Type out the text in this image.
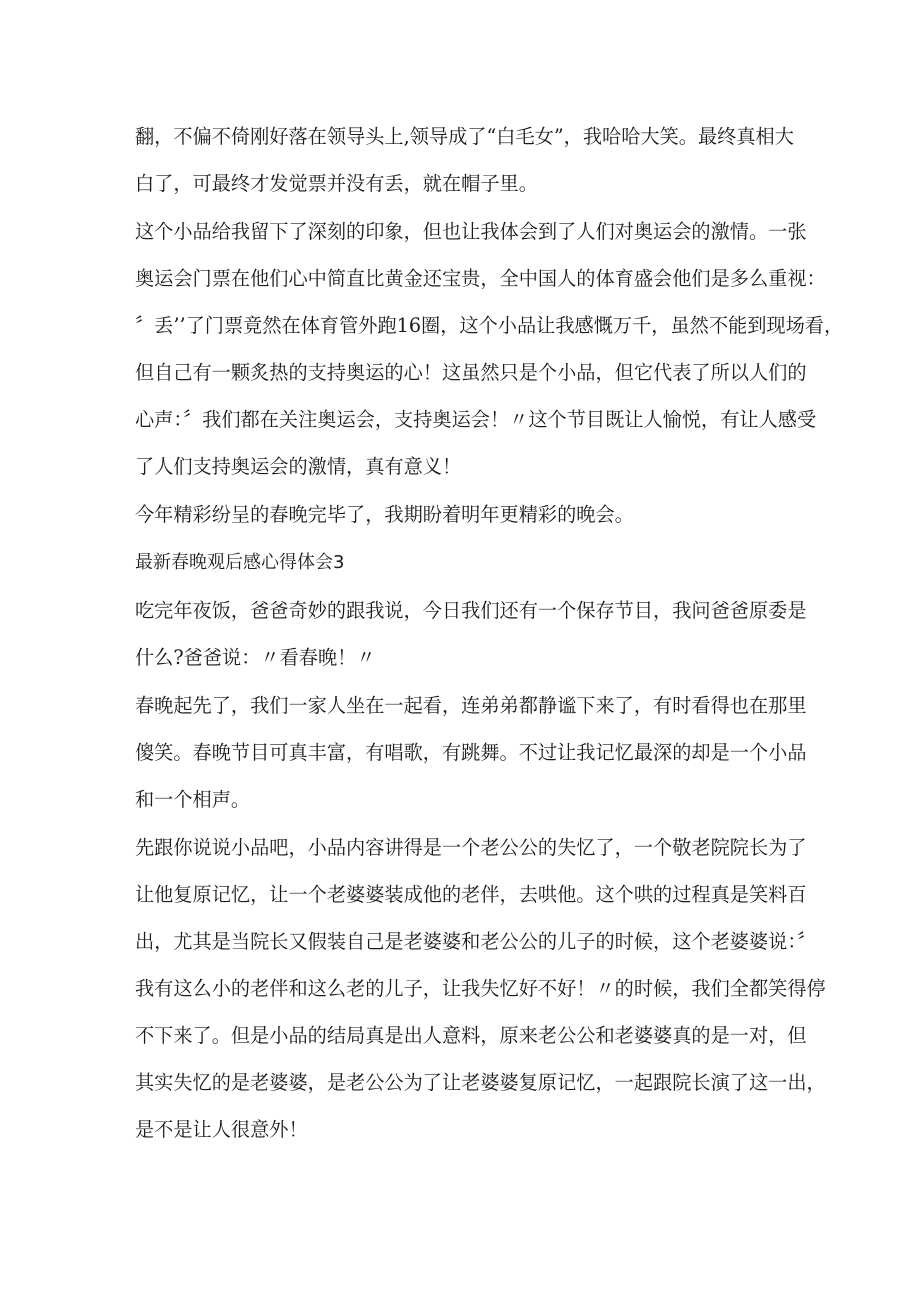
翻，不偏不倚刚好落在领导头上,领导成了“白毛女”，我哈哈大笑。最终真相大
白了，可最终才发觉票并没有丢，就在帽子里。

这个小品给我留下了深刻的印象，但也让我体会到了人们对奥运会的激情。一张
奥运会门票在他们心中简直比黄金还宝贵，全中国人的体育盛会他们是多么重视：
〞丢’’了门票竟然在体育管外跑16圈，这个小品让我感慨万千，虽然不能到现场看，
但自己有一颗炙热的支持奥运的心！这虽然只是个小品，但它代表了所以人们的
心声：〞我们都在关注奥运会，支持奥运会！〃这个节目既让人愉悦，有让人感受
了人们支持奥运会的激情，真有意义！

今年精彩纷呈的春晚完毕了，我期盼着明年更精彩的晚会。

最新春晚观后感心得体会3

吃完年夜饭，爸爸奇妙的跟我说，今日我们还有一个保存节目，我问爸爸原委是
什么?爸爸说：〃看春晚！〃

春晚起先了，我们一家人坐在一起看，连弟弟都静谧下来了，有时看得也在那里
傻笑。春晚节目可真丰富，有唱歌，有跳舞。不过让我记忆最深的却是一个小品
和一个相声。

先跟你说说小品吧，小品内容讲得是一个老公公的失忆了，一个敬老院院长为了
让他复原记忆，让一个老婆婆装成他的老伴，去哄他。这个哄的过程真是笑料百
出，尤其是当院长又假装自己是老婆婆和老公公的儿子的时候，这个老婆婆说：〞
我有这么小的老伴和这么老的儿子，让我失忆好不好！〃的时候，我们全都笑得停
不下来了。但是小品的结局真是出人意料，原来老公公和老婆婆真的是一对，但
其实失忆的是老婆婆，是老公公为了让老婆婆复原记忆，一起跟院长演了这一出，
是不是让人很意外！
